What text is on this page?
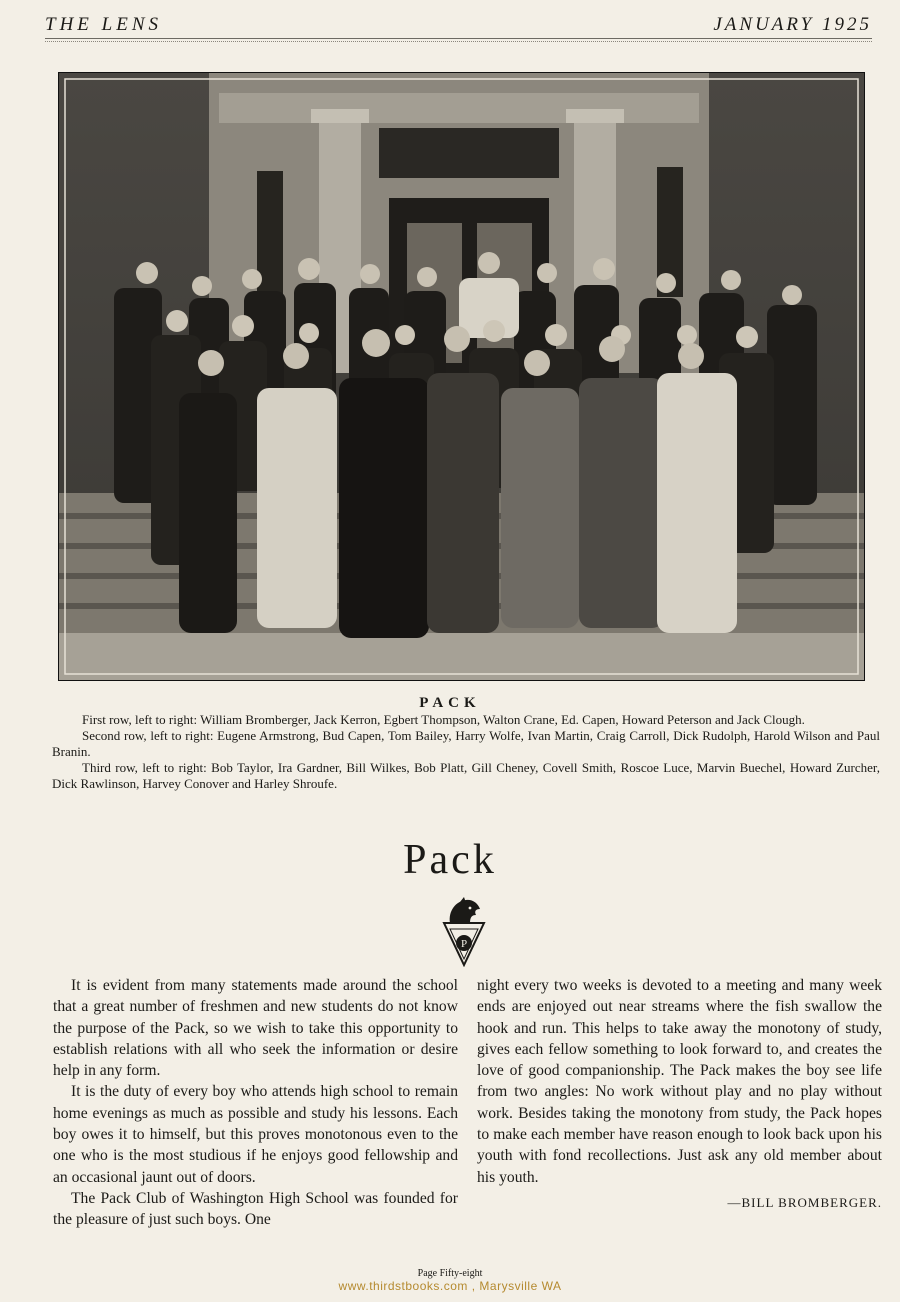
THE LENS	JANUARY 1925
PACK

First row, left to right: William Bromberger, Jack Kerron, Egbert Thompson, Walton Crane, Ed. Capen, Howard Peterson and Jack Clough.

Second row, left to right: Eugene Armstrong, Bud Capen, Tom Bailey, Harry Wolfe, Ivan Martin, Craig Carroll, Dick Rudolph, Harold Wilson and Paul Branin.

Third row, left to right: Bob Taylor, Ira Gardner, Bill Wilkes, Bob Platt, Gill Cheney, Covell Smith, Roscoe Luce, Marvin Buechel, Howard Zurcher, Dick Rawlinson, Harvey Conover and Harley Shroufe.

Pack
P

It is evident from many statements made around the school that a great number of freshmen and new students do not know the purpose of the Pack, so we wish to take this opportunity to establish relations with all who seek the information or desire help in any form.

It is the duty of every boy who attends high school to remain home evenings as much as possible and study his lessons. Each boy owes it to himself, but this proves monotonous even to the one who is the most studious if he enjoys good fellowship and an occasional jaunt out of doors.

The Pack Club of Washington High School was founded for the pleasure of just such boys. One

night every two weeks is devoted to a meeting and many week ends are enjoyed out near streams where the fish swallow the hook and run. This helps to take away the monotony of study, gives each fellow something to look forward to, and creates the love of good companionship. The Pack makes the boy see life from two angles: No work without play and no play without work. Besides taking the monotony from study, the Pack hopes to make each member have reason enough to look back upon his youth with fond recollections. Just ask any old member about his youth.

—BILL BROMBERGER.
Page Fifty-eight
www.thirdstbooks.com , Marysville WA
